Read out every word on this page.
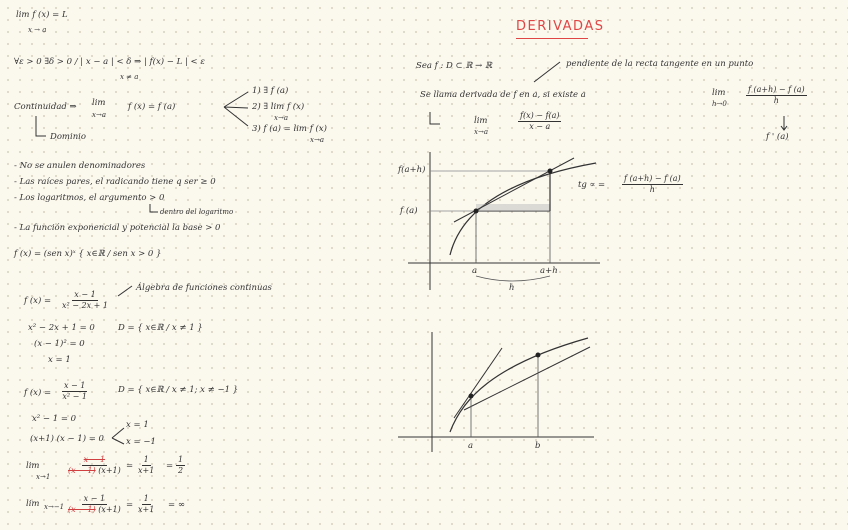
lim f (x) = L
x → a
∀ε > 0 ∃δ > 0 / | x − a | < δ ⇒ | f(x) − L | < ε
x ≠ a
Continuidad ⇒ lim
x→a
f (x) = f (a)
1) ∃ f (a)
2) ∃ lim f (x)
x→a
3) f (a) = lim f (x)
x→a
Dominio
- No se anulen denominadores
- Las raíces pares, el radicando tiene q ser ≥ 0
- Los logaritmos, el argumento > 0
dentro del logaritmo
- La función exponencial y potencial la base > 0
f (x) = (sen x)ˣ { x∈ℝ / sen x > 0 }
f $(x) = \frac{x - 1}{\text{x² − 2x + 1}}$
Álgebra de funciones continuas
x² − 2x + 1 = 0	D = { x∈ℝ / x ≠ 1 }
(x − 1)² = 0
x = 1
f $(x) = \frac{x - 1}{\text{x² − 1}}$	D = { x∈ℝ / x ≠ 1; x ≠ −1 }
x² − 1 = 0
(x+1) (x − 1) = 0
x = 1
x = −1
lim
x→1
$\frac{x - 1}{(x - 1) (x+1)} = \frac{1}{x+1} = \frac{1}{2}$
$\lim x\to-1 \frac{x - 1}{(x - 1) (x+1)} = \frac{1}{x+1}$ = ∞
DERIVADAS
Sea f : D ⊂ ℝ → ℝ	pendiente de la recta tangente en un punto
Se llama derivada de f en a, si existe a	lim
$h\to 0 \frac{f (a+h) - f (a)}{h}$
f ' (a)
lim
x→a	$\frac{f(x) - f(a)}{x - a}$
f(a+h)
f (a)
a	a+h
h
tg ∝ = $\frac{f (a+h) - f (a)}{h}$
a	b
